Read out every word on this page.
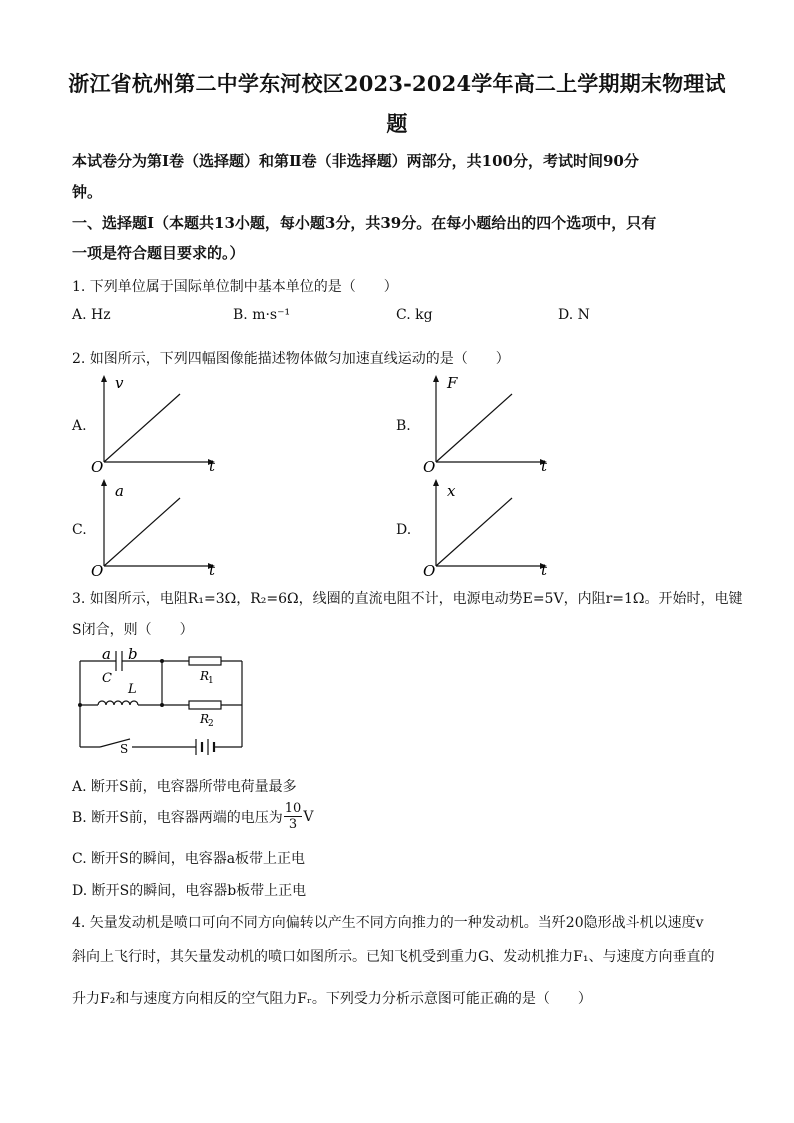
浙江省杭州第二中学东河校区2023-2024学年高二上学期期末物理试
题
本试卷分为第Ⅰ卷（选择题）和第Ⅱ卷（非选择题）两部分，共100分，考试时间90分
钟。
一、选择题Ⅰ（本题共13小题，每小题3分，共39分。在每小题给出的四个选项中，只有
一项是符合题目要求的。）
1. 下列单位属于国际单位制中基本单位的是（　　）
A. Hz	B. m·s⁻¹	C. kg	D. N
2. 如图所示，下列四幅图像能描述物体做匀加速直线运动的是（　　）
A.
v
t
O
B.
F
t
O
C.
a
t
O
D.
x
t
O
3. 如图所示，电阻R₁=3Ω，R₂=6Ω，线圈的直流电阻不计，电源电动势E=5V，内阻r=1Ω。开始时，电键
S闭合，则（　　）
a b
C
L
R
1
R
2
S
A. 断开S前，电容器所带电荷量最多
B. 断开S前，电容器两端的电压为 $\frac{10}{3}$ V
C. 断开S的瞬间，电容器a板带上正电
D. 断开S的瞬间，电容器b板带上正电
4. 矢量发动机是喷口可向不同方向偏转以产生不同方向推力的一种发动机。当歼20隐形战斗机以速度v
斜向上飞行时，其矢量发动机的喷口如图所示。已知飞机受到重力G、发动机推力F₁、与速度方向垂直的
升力F₂和与速度方向相反的空气阻力Fᵣ。下列受力分析示意图可能正确的是（　　）
